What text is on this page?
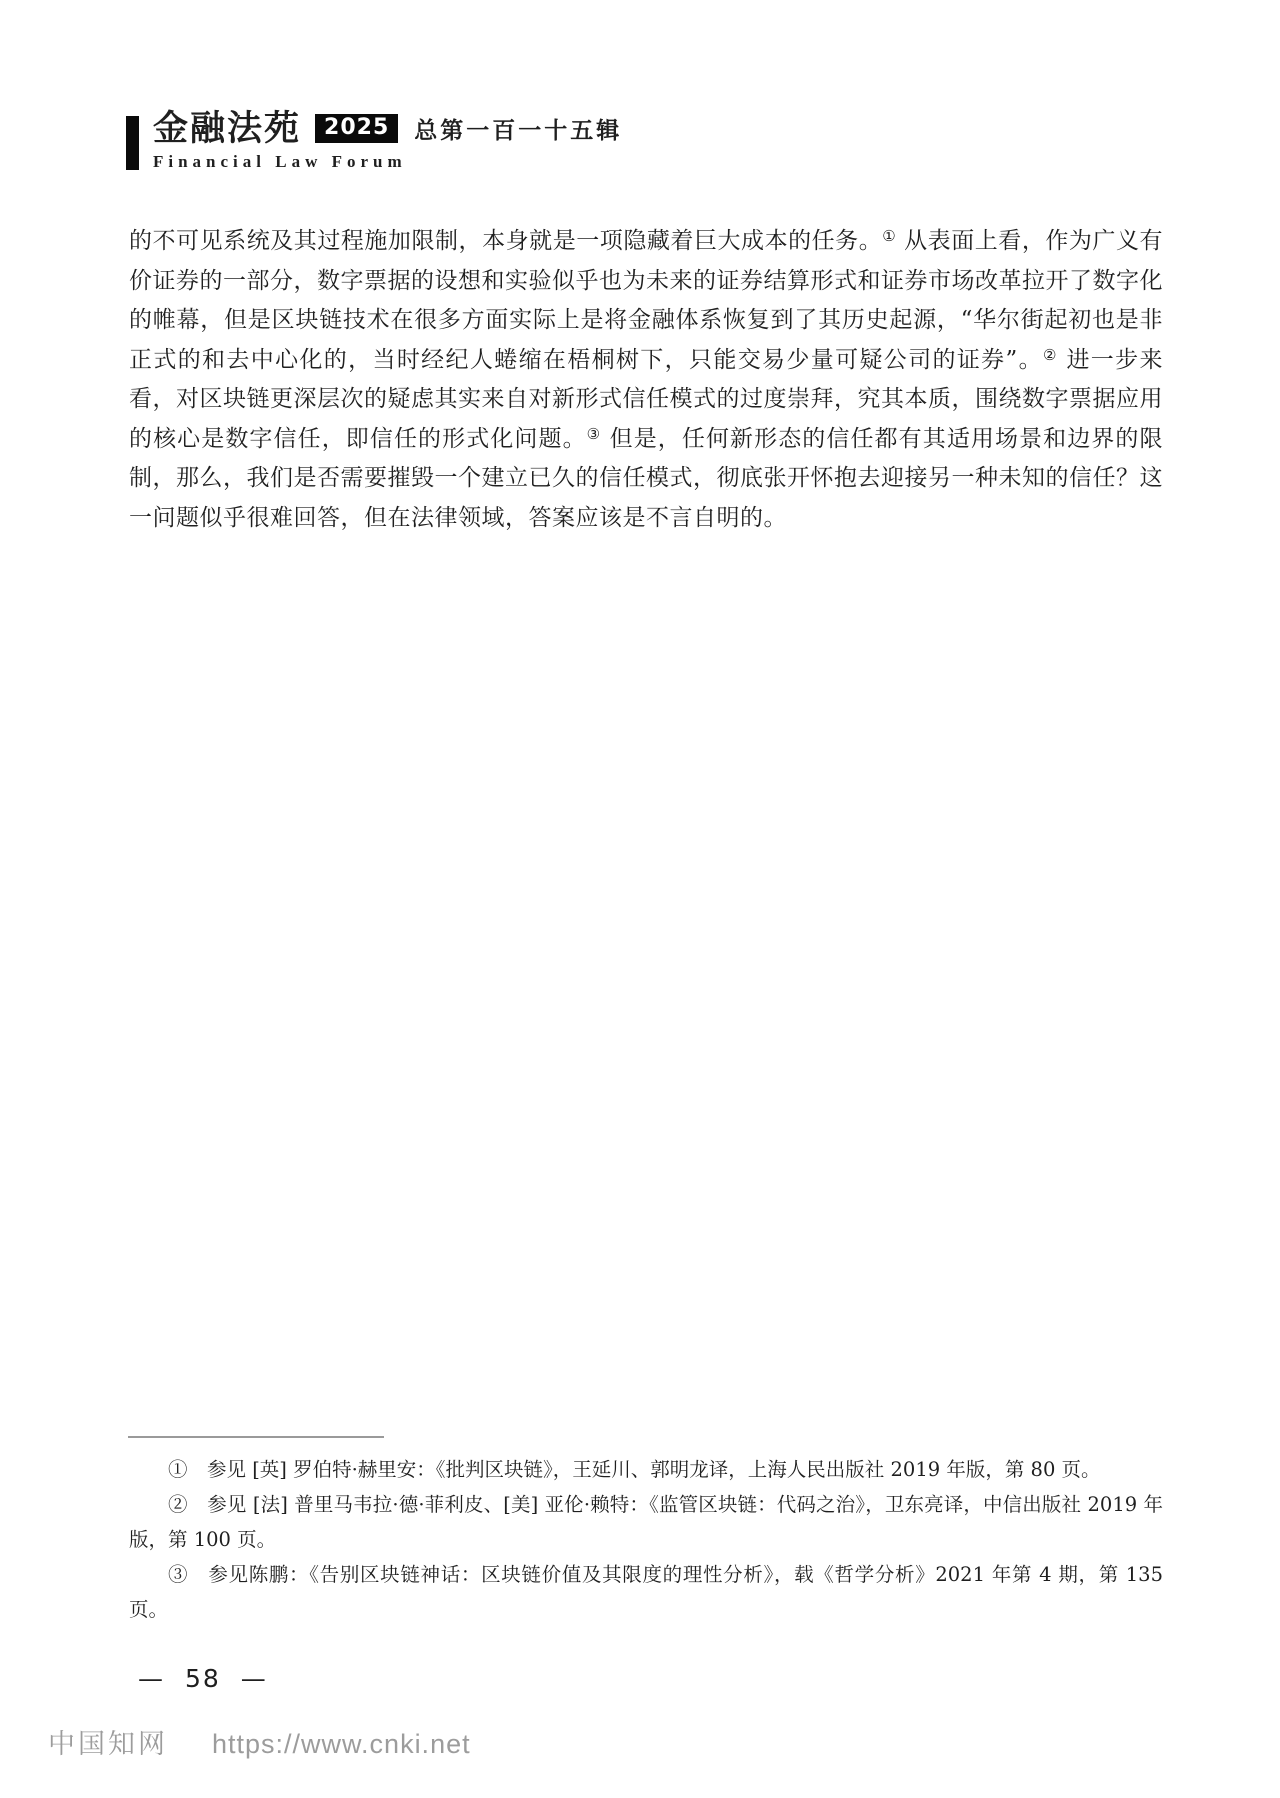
金融法苑	2025	总第一百一十五辑
Financial Law Forum

的不可见系统及其过程施加限制，本身就是一项隐藏着巨大成本的任务。① 从表面上看，作为广义有价证券的一部分，数字票据的设想和实验似乎也为未来的证券结算形式和证券市场改革拉开了数字化的帷幕，但是区块链技术在很多方面实际上是将金融体系恢复到了其历史起源，“华尔街起初也是非正式的和去中心化的，当时经纪人蜷缩在梧桐树下，只能交易少量可疑公司的证券”。② 进一步来看，对区块链更深层次的疑虑其实来自对新形式信任模式的过度崇拜，究其本质，围绕数字票据应用的核心是数字信任，即信任的形式化问题。③ 但是，任何新形态的信任都有其适用场景和边界的限制，那么，我们是否需要摧毁一个建立已久的信任模式，彻底张开怀抱去迎接另一种未知的信任？这一问题似乎很难回答，但在法律领域，答案应该是不言自明的。

①　参见 [英] 罗伯特·赫里安：《批判区块链》，王延川、郭明龙译，上海人民出版社 2019 年版，第 80 页。

②　参见 [法] 普里马韦拉·德·菲利皮、[美] 亚伦·赖特：《监管区块链：代码之治》，卫东亮译，中信出版社 2019 年版，第 100 页。

③　参见陈鹏：《告别区块链神话：区块链价值及其限度的理性分析》，载《哲学分析》2021 年第 4 期，第 135 页。

— 58 —
中国知网 https://www.cnki.net
